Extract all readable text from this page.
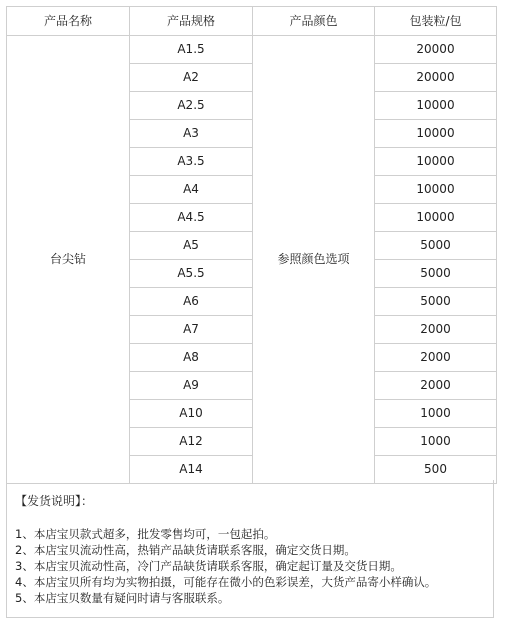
产品名称	产品规格	产品颜色	包装粒/包
台尖钻	A1.5	参照颜色选项	20000
	A2		20000
	A2.5		10000
	A3		10000
	A3.5		10000
	A4		10000
	A4.5		10000
	A5		5000
	A5.5		5000
	A6		5000
	A7		2000
	A8		2000
	A9		2000
	A10		1000
	A12		1000
	A14		500
【发货说明】：
1、本店宝贝款式超多，批发零售均可，一包起拍。
2、本店宝贝流动性高，热销产品缺货请联系客服，确定交货日期。
3、本店宝贝流动性高，冷门产品缺货请联系客服，确定起订量及交货日期。
4、本店宝贝所有均为实物拍摄，可能存在微小的色彩误差，大货产品寄小样确认。
5、本店宝贝数量有疑问时请与客服联系。
